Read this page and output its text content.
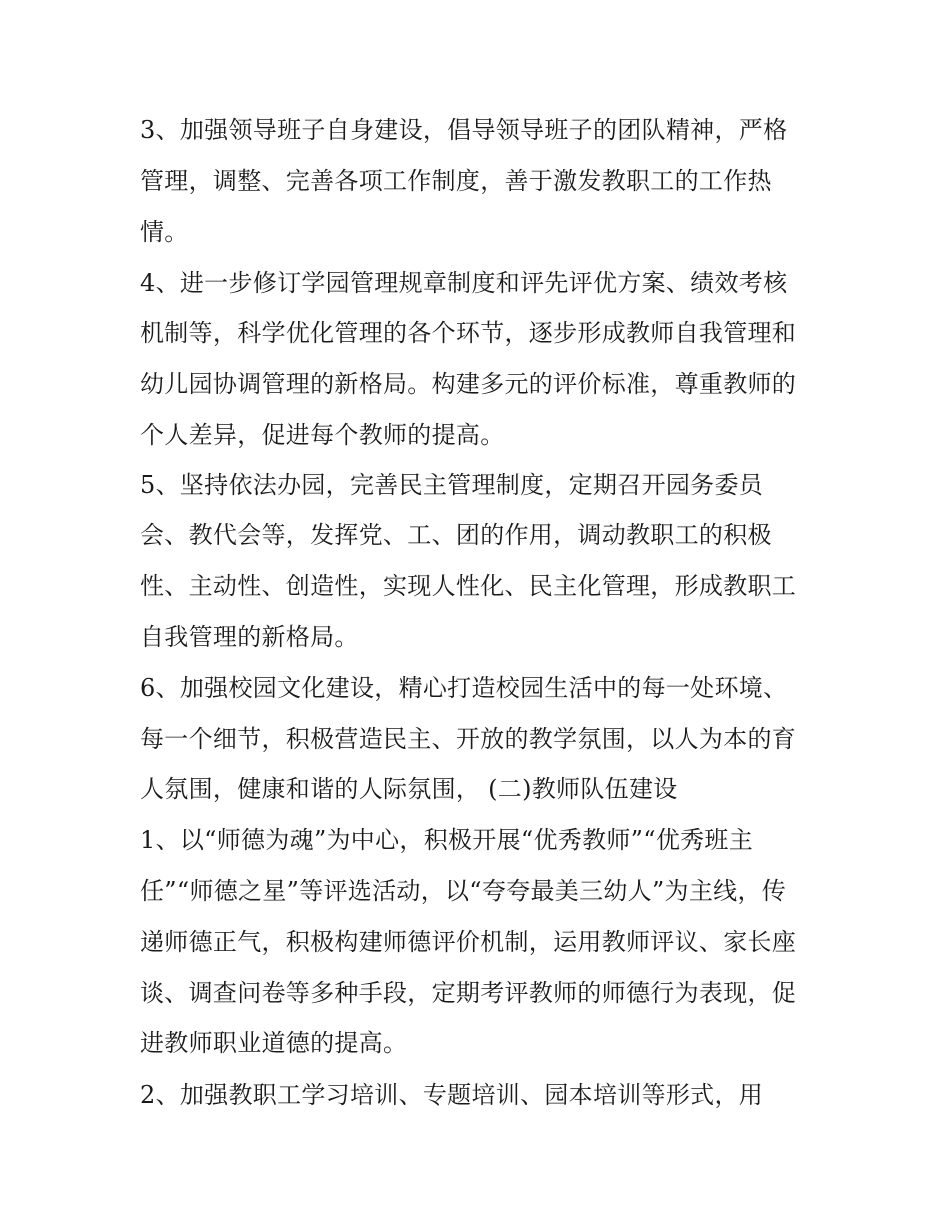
3、加强领导班子自身建设，倡导领导班子的团队精神，严格
管理，调整、完善各项工作制度，善于激发教职工的工作热
情。
4、进一步修订学园管理规章制度和评先评优方案、绩效考核
机制等，科学优化管理的各个环节，逐步形成教师自我管理和
幼儿园协调管理的新格局。构建多元的评价标准，尊重教师的
个人差异，促进每个教师的提高。
5、坚持依法办园，完善民主管理制度，定期召开园务委员
会、教代会等，发挥党、工、团的作用，调动教职工的积极
性、主动性、创造性，实现人性化、民主化管理，形成教职工
自我管理的新格局。
6、加强校园文化建设，精心打造校园生活中的每一处环境、
每一个细节，积极营造民主、开放的教学氛围，以人为本的育
人氛围，健康和谐的人际氛围， (二)教师队伍建设
1、以“师德为魂”为中心，积极开展“优秀教师”“优秀班主
任”“师德之星”等评选活动，以“夸夸最美三幼人”为主线，传
递师德正气，积极构建师德评价机制，运用教师评议、家长座
谈、调查问卷等多种手段，定期考评教师的师德行为表现，促
进教师职业道德的提高。
2、加强教职工学习培训、专题培训、园本培训等形式，用
